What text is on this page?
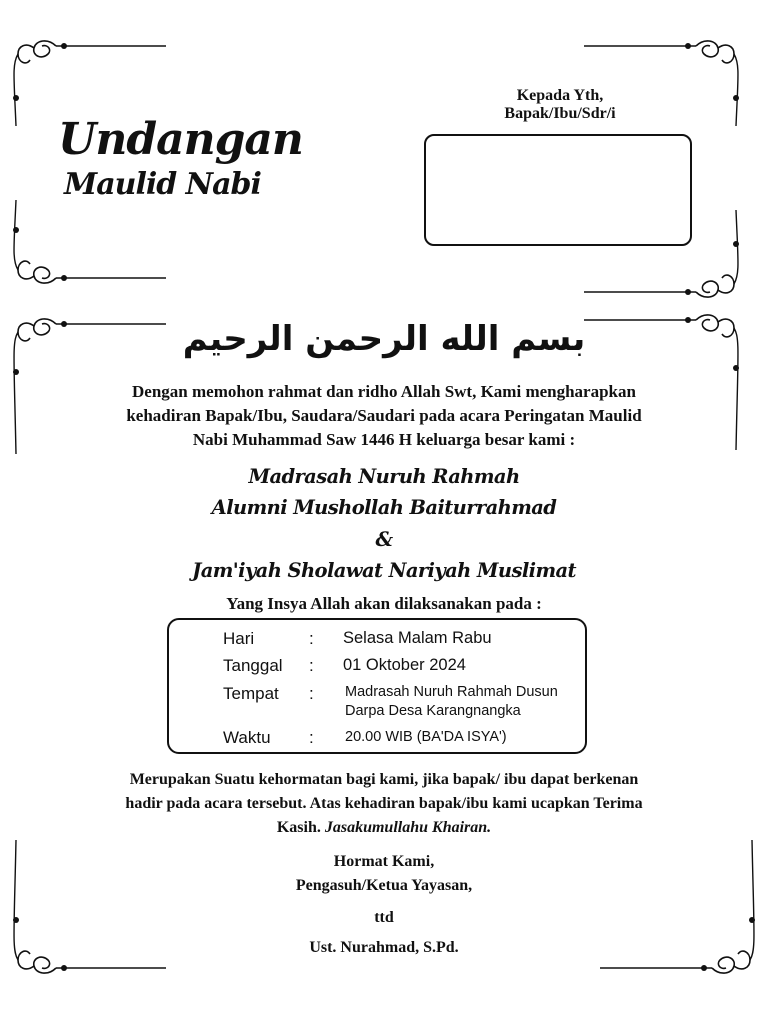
Undangan
Maulid Nabi
Kepada Yth,
Bapak/Ibu/Sdr/i
بسم الله الرحمن الرحيم
Dengan memohon rahmat dan ridho Allah Swt, Kami mengharapkan
kehadiran Bapak/Ibu, Saudara/Saudari pada acara Peringatan Maulid
Nabi Muhammad Saw 1446 H keluarga besar kami :
Madrasah Nuruh Rahmah
Alumni Mushollah Baiturrahmad
&
Jam'iyah Sholawat Nariyah Muslimat
Yang Insya Allah akan dilaksanakan pada :
Hari	: Selasa Malam Rabu
Tanggal : 01 Oktober 2024
Tempat : Madrasah Nuruh Rahmah Dusun
Darpa Desa Karangnangka
Waktu : 20.00 WIB (BA'DA ISYA')
Merupakan Suatu kehormatan bagi kami, jika bapak/ ibu dapat berkenan
hadir pada acara tersebut. Atas kehadiran bapak/ibu kami ucapkan Terima
Kasih. Jasakumullahu Khairan.
Hormat Kami,
Pengasuh/Ketua Yayasan,
ttd
Ust. Nurahmad, S.Pd.
